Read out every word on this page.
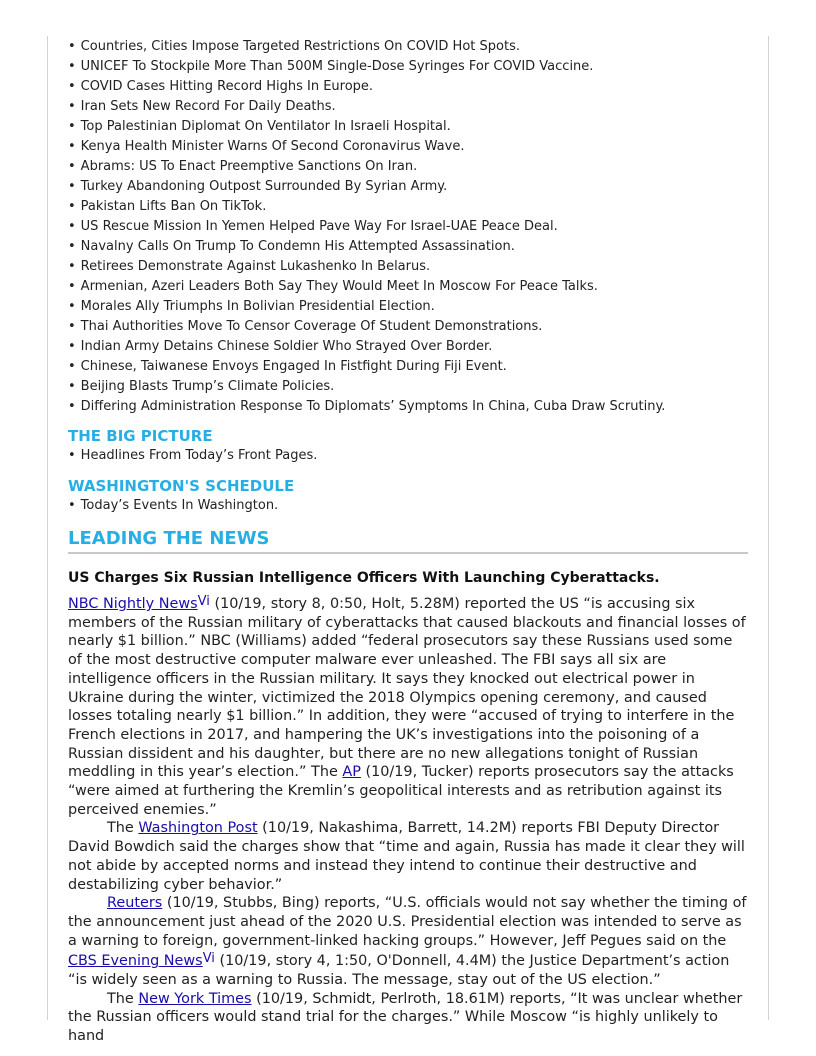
• Countries, Cities Impose Targeted Restrictions On COVID Hot Spots.
• UNICEF To Stockpile More Than 500M Single-Dose Syringes For COVID Vaccine.
• COVID Cases Hitting Record Highs In Europe.
• Iran Sets New Record For Daily Deaths.
• Top Palestinian Diplomat On Ventilator In Israeli Hospital.
• Kenya Health Minister Warns Of Second Coronavirus Wave.
• Abrams: US To Enact Preemptive Sanctions On Iran.
• Turkey Abandoning Outpost Surrounded By Syrian Army.
• Pakistan Lifts Ban On TikTok.
• US Rescue Mission In Yemen Helped Pave Way For Israel-UAE Peace Deal.
• Navalny Calls On Trump To Condemn His Attempted Assassination.
• Retirees Demonstrate Against Lukashenko In Belarus.
• Armenian, Azeri Leaders Both Say They Would Meet In Moscow For Peace Talks.
• Morales Ally Triumphs In Bolivian Presidential Election.
• Thai Authorities Move To Censor Coverage Of Student Demonstrations.
• Indian Army Detains Chinese Soldier Who Strayed Over Border.
• Chinese, Taiwanese Envoys Engaged In Fistfight During Fiji Event.
• Beijing Blasts Trump’s Climate Policies.
• Differing Administration Response To Diplomats’ Symptoms In China, Cuba Draw Scrutiny.
THE BIG PICTURE
• Headlines From Today’s Front Pages.
WASHINGTON'S SCHEDULE
• Today’s Events In Washington.
LEADING THE NEWS
US Charges Six Russian Intelligence Officers With Launching Cyberattacks.

NBC Nightly NewsVi (10/19, story 8, 0:50, Holt, 5.28M) reported the US “is accusing six members of the Russian military of cyberattacks that caused blackouts and financial losses of nearly $1 billion.” NBC (Williams) added “federal prosecutors say these Russians used some of the most destructive computer malware ever unleashed. The FBI says all six are intelligence officers in the Russian military. It says they knocked out electrical power in Ukraine during the winter, victimized the 2018 Olympics opening ceremony, and caused losses totaling nearly $1 billion.” In addition, they were “accused of trying to interfere in the French elections in 2017, and hampering the UK’s investigations into the poisoning of a Russian dissident and his daughter, but there are no new allegations tonight of Russian meddling in this year’s election.” The AP (10/19, Tucker) reports prosecutors say the attacks “were aimed at furthering the Kremlin’s geopolitical interests and as retribution against its perceived enemies.”

The Washington Post (10/19, Nakashima, Barrett, 14.2M) reports FBI Deputy Director David Bowdich said the charges show that “time and again, Russia has made it clear they will not abide by accepted norms and instead they intend to continue their destructive and destabilizing cyber behavior.”

Reuters (10/19, Stubbs, Bing) reports, “U.S. officials would not say whether the timing of the announcement just ahead of the 2020 U.S. Presidential election was intended to serve as a warning to foreign, government-linked hacking groups.” However, Jeff Pegues said on the CBS Evening NewsVi (10/19, story 4, 1:50, O'Donnell, 4.4M) the Justice Department’s action “is widely seen as a warning to Russia. The message, stay out of the US election.”

The New York Times (10/19, Schmidt, Perlroth, 18.61M) reports, “It was unclear whether the Russian officers would stand trial for the charges.” While Moscow “is highly unlikely to hand
